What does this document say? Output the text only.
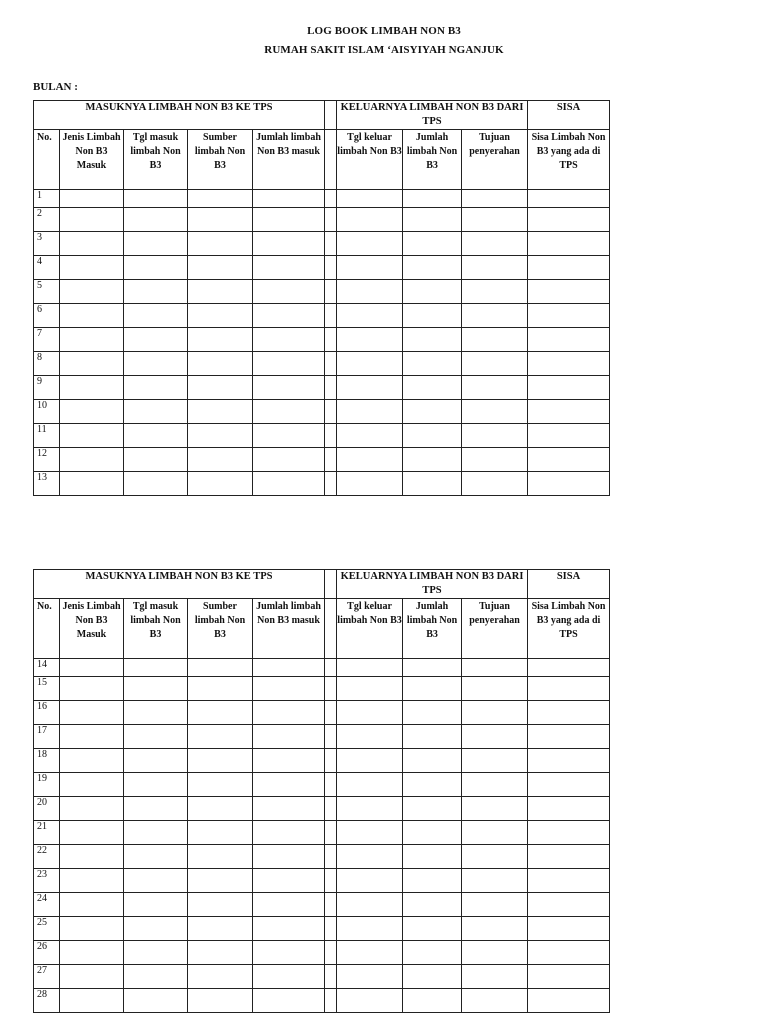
LOG BOOK LIMBAH NON B3
RUMAH SAKIT ISLAM ‘AISYIYAH NGANJUK
BULAN :
MASUKNYA LIMBAH NON B3 KE TPS						KELUARNYA LIMBAH NON B3 DARI TPS			SISA
No.	Jenis Limbah Non B3 Masuk	Tgl masuk limbah Non B3	Sumber limbah Non B3	Jumlah limbah Non B3 masuk		Tgl keluar limbah Non B3	Jumlah limbah Non B3	Tujuan penyerahan	Sisa Limbah Non B3 yang ada di TPS
1									
2									
3									
4									
5									
6									
7									
8									
9									
10									
11									
12									
13									
MASUKNYA LIMBAH NON B3 KE TPS						KELUARNYA LIMBAH NON B3 DARI TPS			SISA
No.	Jenis Limbah Non B3 Masuk	Tgl masuk limbah Non B3	Sumber limbah Non B3	Jumlah limbah Non B3 masuk		Tgl keluar limbah Non B3	Jumlah limbah Non B3	Tujuan penyerahan	Sisa Limbah Non B3 yang ada di TPS
14									
15									
16									
17									
18									
19									
20									
21									
22									
23									
24									
25									
26									
27									
28									
